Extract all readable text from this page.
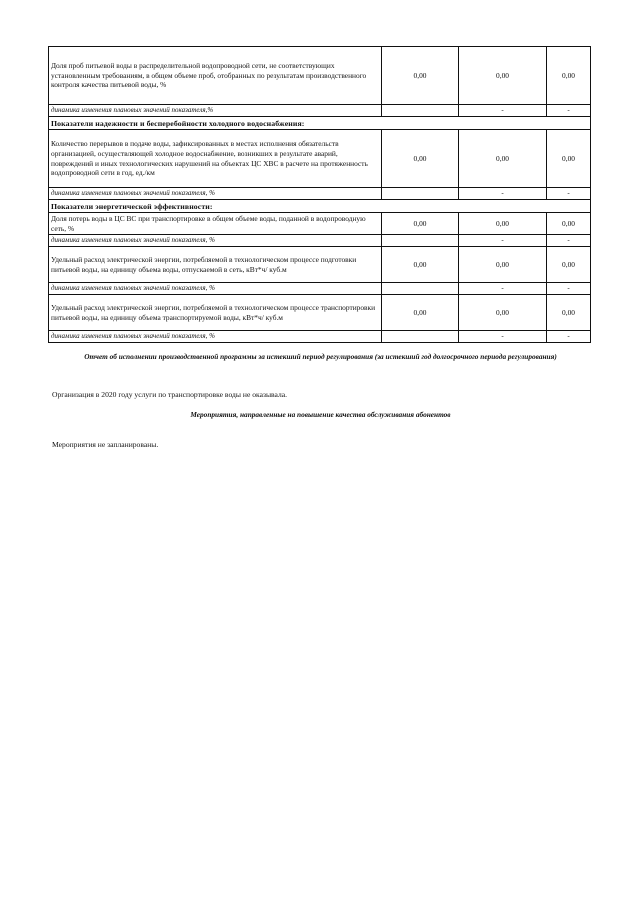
Доля проб питьевой воды в распределительной водопроводной сети, не соответствующих установленным требованиям, в общем объеме проб, отобранных по результатам производственного контроля качества питьевой воды, %	0,00	0,00	0,00
динамика изменения плановых значений показателя,%		-	-
Показатели надежности и бесперебойности холодного водоснабжения:			
Количество перерывов в подаче воды, зафиксированных в местах исполнения обязательств организацией, осуществляющей холодное водоснабжение, возникших в результате аварий, повреждений и иных технологических нарушений на объектах ЦС ХВС в расчете на протяженность водопроводной сети в год, ед./км	0,00	0,00	0,00
динамика изменения плановых значений показателя, %		-	-
Показатели энергетической эффективности:			
Доля потерь воды в ЦС ВС при транспортировке в общем объеме воды, поданной в водопроводную сеть, %	0,00	0,00	0,00
динамика изменения плановых значений показателя, %		-	-
Удельный расход электрической энергии, потребляемой в технологическом процессе подготовки питьевой воды, на единицу объема воды, отпускаемой в сеть, кВт*ч/ куб.м	0,00	0,00	0,00
динамика изменения плановых значений показателя, %		-	-
Удельный расход электрической энергии, потребляемой в технологическом процессе транспортировки питьевой воды, на единицу объема транспортируемой воды, кВт*ч/ куб.м	0,00	0,00	0,00
динамика изменения плановых значений показателя, %		-	-
Отчет об исполнении производственной программы за истекший период регулирования (за истекший год долгосрочного периода регулирования)
Организация в 2020 году услуги по транспортировке воды не оказывала.
Мероприятия, направленные на повышение качества обслуживания абонентов
Мероприятия не запланированы.
